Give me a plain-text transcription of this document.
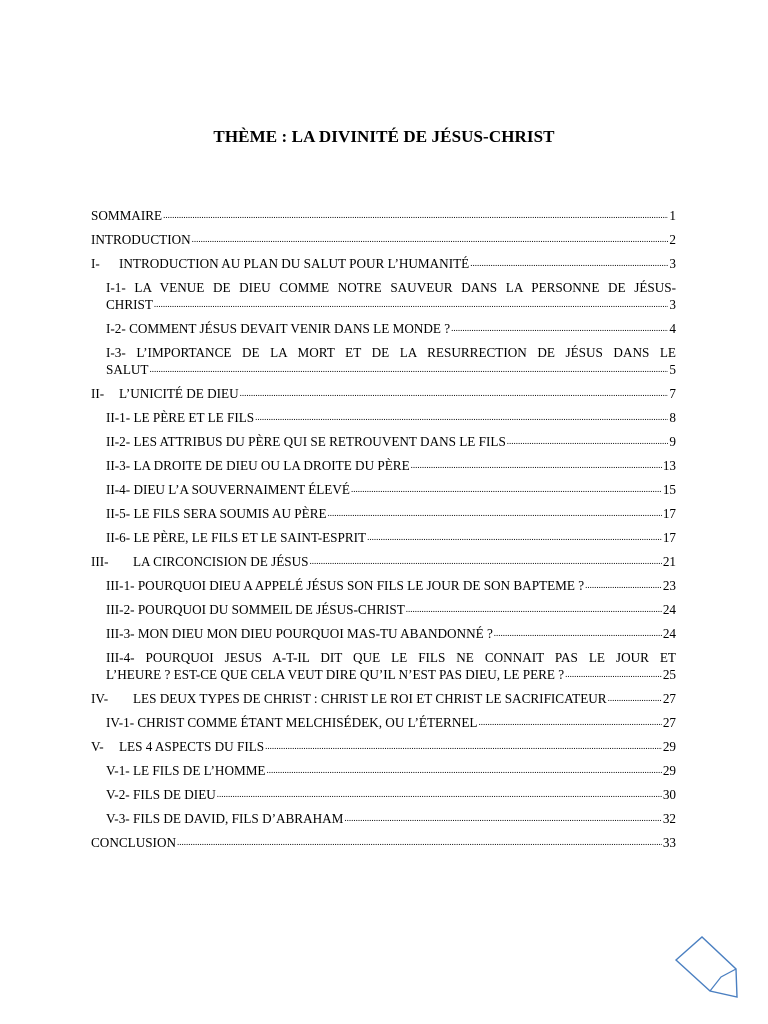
THÈME : LA DIVINITÉ DE JÉSUS-CHRIST
SOMMAIRE .....	1
INTRODUCTION .....	2
I- INTRODUCTION AU PLAN DU SALUT POUR L’HUMANITÉ .....	3
I-1- LA VENUE DE DIEU COMME NOTRE SAUVEUR DANS LA PERSONNE DE JÉSUS-
CHRIST .....	3
I-2- COMMENT JÉSUS DEVAIT VENIR DANS LE MONDE ? .....	4
I-3- L’IMPORTANCE DE LA MORT ET DE LA RESURRECTION DE JÉSUS DANS LE
SALUT .....	5
II- L’UNICITÉ DE DIEU .....	7
II-1- LE PÈRE ET LE FILS .....	8
II-2- LES ATTRIBUS DU PÈRE QUI SE RETROUVENT DANS LE FILS .....	9
II-3- LA DROITE DE DIEU OU LA DROITE DU PÈRE .....	13
II-4- DIEU L’A SOUVERNAIMENT ÉLEVÉ .....	15
II-5- LE FILS SERA SOUMIS AU PÈRE .....	17
II-6- LE PÈRE, LE FILS ET LE SAINT-ESPRIT .....	17
III- LA CIRCONCISION DE JÉSUS .....	21
III-1- POURQUOI DIEU A APPELÉ JÉSUS SON FILS LE JOUR DE SON BAPTEME ? .....	23
III-2- POURQUOI DU SOMMEIL DE JÉSUS-CHRIST .....	24
III-3- MON DIEU MON DIEU POURQUOI MAS-TU ABANDONNÉ ? .....	24
III-4- POURQUOI JESUS A-T-IL DIT QUE LE FILS NE CONNAIT PAS LE JOUR ET
L’HEURE ? EST-CE QUE CELA VEUT DIRE QU’IL N’EST PAS DIEU, LE PERE ? .....	25
IV- LES DEUX TYPES DE CHRIST : CHRIST LE ROI ET CHRIST LE SACRIFICATEUR .....	27
IV-1- CHRIST COMME ÉTANT MELCHISÉDEK, OU L’ÉTERNEL .....	27
V- LES 4 ASPECTS DU FILS .....	29
V-1- LE FILS DE L’HOMME .....	29
V-2- FILS DE DIEU .....	30
V-3- FILS DE DAVID, FILS D’ABRAHAM .....	32
CONCLUSION .....	33
